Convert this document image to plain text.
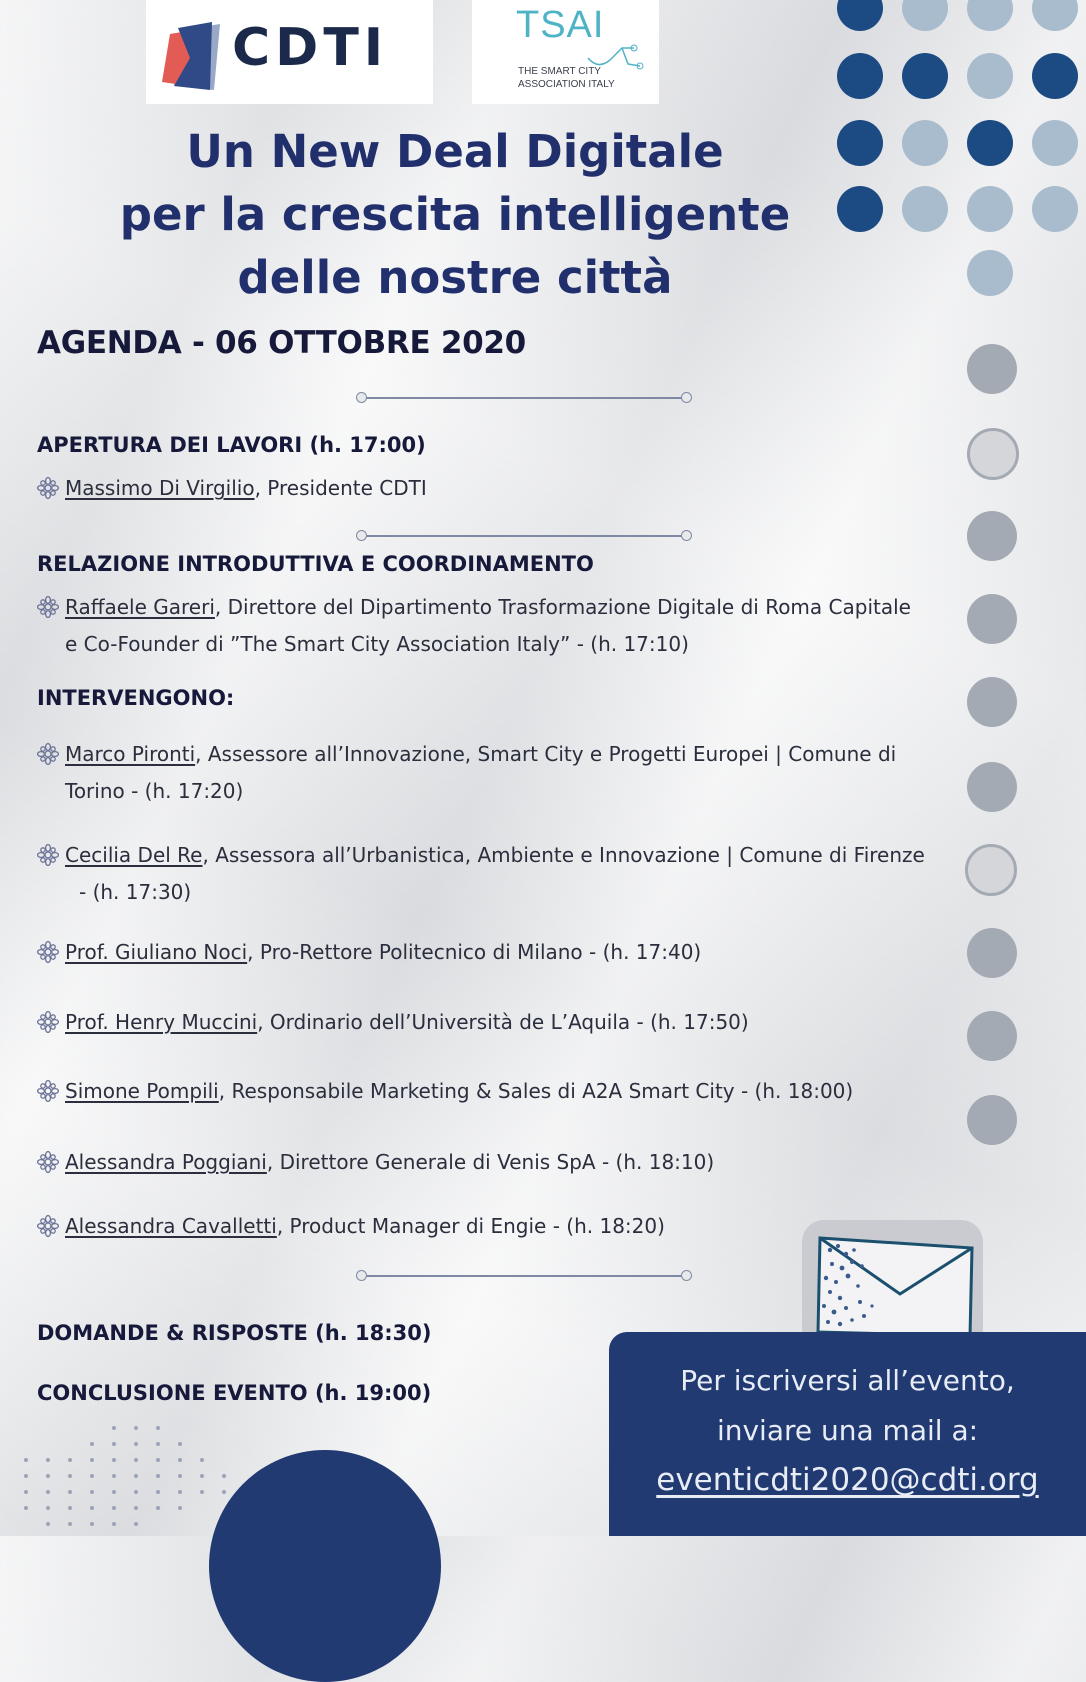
CDTI	TSAI
THE SMART CITY
ASSOCIATION ITALY
Un New Deal Digitale
per la crescita intelligente
delle nostre città
AGENDA - 06 OTTOBRE 2020
APERTURA DEI LAVORI (h. 17:00)
Massimo Di Virgilio, Presidente CDTI
RELAZIONE INTRODUTTIVA E COORDINAMENTO
Raffaele Gareri, Direttore del Dipartimento Trasformazione Digitale di Roma Capitale
e Co-Founder di ”The Smart City Association Italy” - (h. 17:10)
INTERVENGONO:
Marco Pironti, Assessore all’Innovazione, Smart City e Progetti Europei | Comune di
Torino - (h. 17:20)
Cecilia Del Re, Assessora all’Urbanistica, Ambiente e Innovazione | Comune di Firenze
- (h. 17:30)
Prof. Giuliano Noci, Pro-Rettore Politecnico di Milano - (h. 17:40)
Prof. Henry Muccini, Ordinario dell’Università de L’Aquila - (h. 17:50)
Simone Pompili, Responsabile Marketing & Sales di A2A Smart City - (h. 18:00)
Alessandra Poggiani, Direttore Generale di Venis SpA - (h. 18:10)
Alessandra Cavalletti, Product Manager di Engie - (h. 18:20)
DOMANDE & RISPOSTE (h. 18:30)
CONCLUSIONE EVENTO (h. 19:00)	Per iscriversi all’evento,
inviare una mail a:
eventicdti2020@cdti.org
